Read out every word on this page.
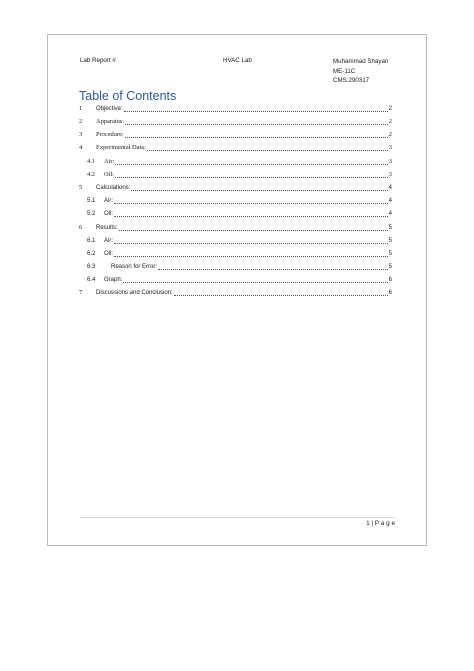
Lab Report #	HVAC Lab	Muhammad Shayan
ME-11C
CMS:290317
Table of Contents
1	Objective:	2
2	Apparatus:	2
3	Procedure:	2
4	Experimental Data:	3
4.1	Air:	3
4.2	Oil:	3
5	Calculations:	4
5.1	Air:	4
5.2	Oil:	4
6	Results:	5
6.1	Air:	5
6.2	Oil:	5
6.3	Reason for Error:	5
6.4	Graph:	6
7	Discussions and Conclusion:	6
1 | P a g e
